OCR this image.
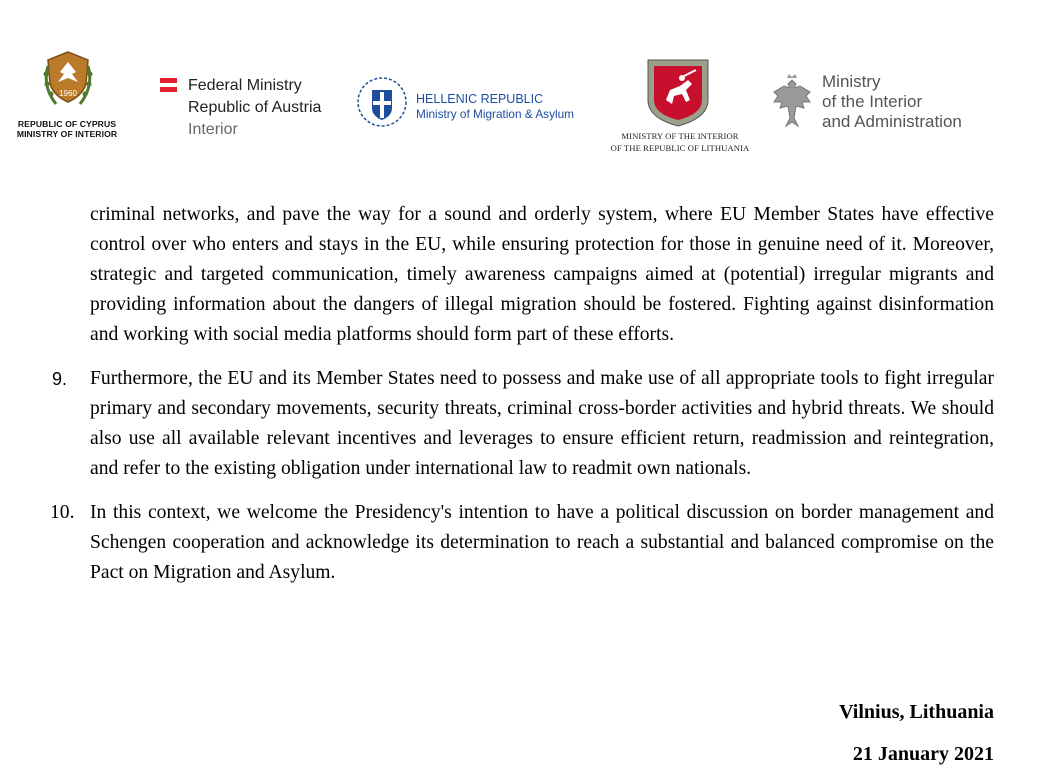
1960
REPUBLIC OF CYPRUS
MINISTRY OF INTERIOR
Federal Ministry
Republic of Austria
Interior
HELLENIC REPUBLIC
Ministry of Migration & Asylum
MINISTRY OF THE INTERIOR
OF THE REPUBLIC OF LITHUANIA
Ministry
of the Interior
and Administration

criminal networks, and pave the way for a sound and orderly system, where EU Member States have effective control over who enters and stays in the EU, while ensuring protection for those in genuine need of it. Moreover, strategic and targeted communication, timely awareness campaigns aimed at (potential) irregular migrants and providing information about the dangers of illegal migration should be fostered. Fighting against disinformation and working with social media platforms should form part of these efforts.

9. Furthermore, the EU and its Member States need to possess and make use of all appropriate tools to fight irregular primary and secondary movements, security threats, criminal cross-border activities and hybrid threats. We should also use all available relevant incentives and leverages to ensure efficient return, readmission and reintegration, and refer to the existing obligation under international law to readmit own nationals.

10. In this context, we welcome the Presidency's intention to have a political discussion on border management and Schengen cooperation and acknowledge its determination to reach a substantial and balanced compromise on the Pact on Migration and Asylum.

Vilnius, Lithuania
21 January 2021
